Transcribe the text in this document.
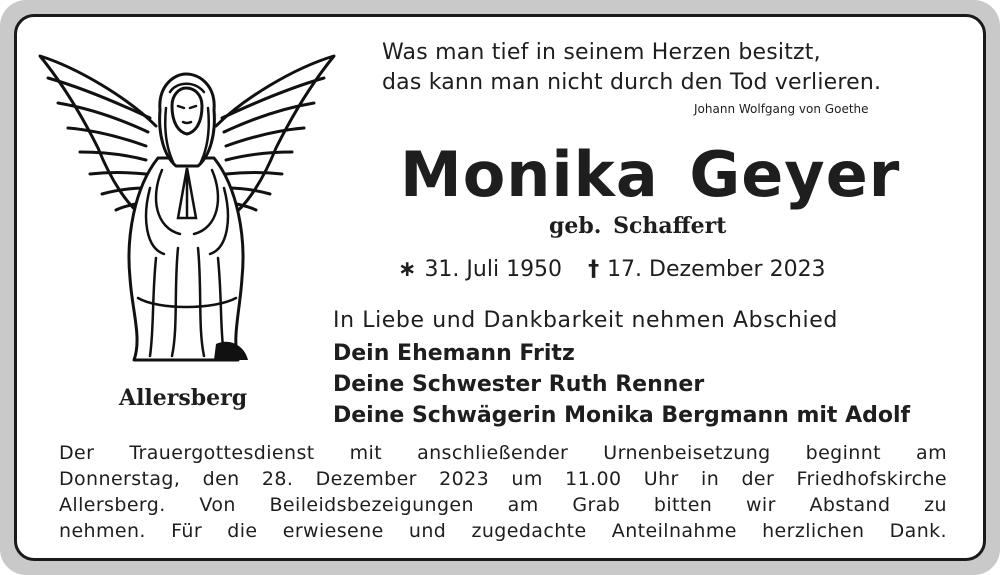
Was man tief in seinem Herzen besitzt,
das kann man nicht durch den Tod verlieren.
Johann Wolfgang von Goethe
Monika Geyer
geb. Schaffert
∗ 31. Juli 1950 † 17. Dezember 2023
In Liebe und Dankbarkeit nehmen Abschied
Dein Ehemann Fritz
Deine Schwester Ruth Renner
Deine Schwägerin Monika Bergmann mit Adolf
Allersberg
Der Trauergottesdienst mit anschließender Urnenbeisetzung beginnt am
Donnerstag, den 28. Dezember 2023 um 11.00 Uhr in der Friedhofskirche
Allersberg. Von Beileidsbezeigungen am Grab bitten wir Abstand zu
nehmen. Für die erwiesene und zugedachte Anteilnahme herzlichen Dank.
